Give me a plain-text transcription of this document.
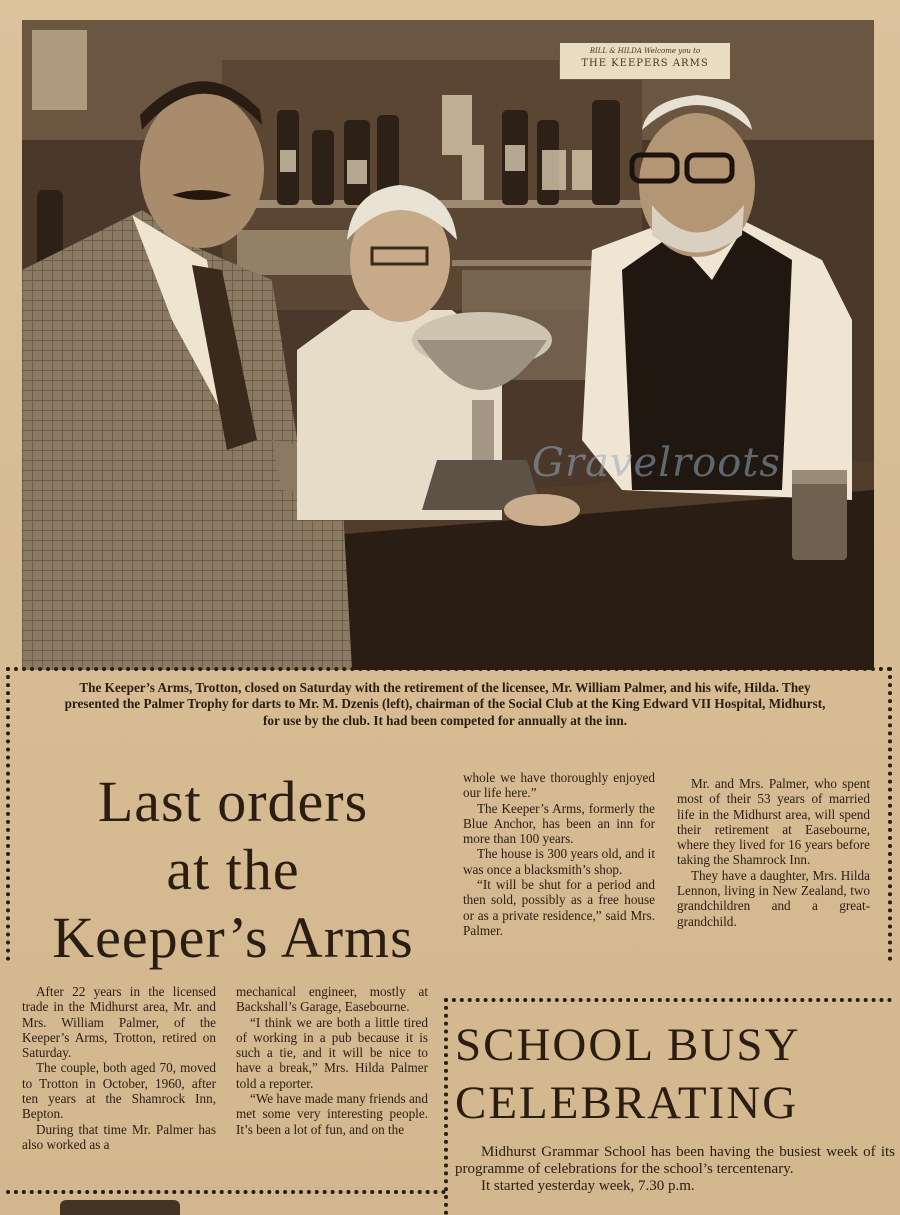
BILL & HILDA Welcome you to
THE KEEPERS ARMS
Gravelroots
The Keeper’s Arms, Trotton, closed on Saturday with the retirement of the licensee, Mr. William Palmer, and his wife, Hilda. They presented the Palmer Trophy for darts to Mr. M. Dzenis (left), chairman of the Social Club at the King Edward VII Hospital, Midhurst, for use by the club. It had been competed for annually at the inn.
Last orders
at the
Keeper’s Arms

After 22 years in the licensed trade in the Midhurst area, Mr. and Mrs. William Palmer, of the Keeper’s Arms, Trotton, retired on Saturday.

The couple, both aged 70, moved to Trotton in October, 1960, after ten years at the Shamrock Inn, Bepton.

During that time Mr. Palmer has also worked as a

mechanical engineer, mostly at Backshall’s Garage, Easebourne.

“I think we are both a little tired of working in a pub because it is such a tie, and it will be nice to have a break,” Mrs. Hilda Palmer told a reporter.

“We have made many friends and met some very interesting people. It’s been a lot of fun, and on the

whole we have thoroughly enjoyed our life here.”

The Keeper’s Arms, formerly the Blue Anchor, has been an inn for more than 100 years.

The house is 300 years old, and it was once a blacksmith’s shop.

“It will be shut for a period and then sold, possibly as a free house or as a private residence,” said Mrs. Palmer.

Mr. and Mrs. Palmer, who spent most of their 53 years of married life in the Midhurst area, will spend their retirement at Easebourne, where they lived for 16 years before taking the Shamrock Inn.

They have a daughter, Mrs. Hilda Lennon, living in New Zealand, two grandchildren and a great-grandchild.

SCHOOL BUSY
CELEBRATING

Midhurst Grammar School has been having the busiest week of its programme of celebrations for the school’s tercentenary.

It started yesterday week, 7.30 p.m.
